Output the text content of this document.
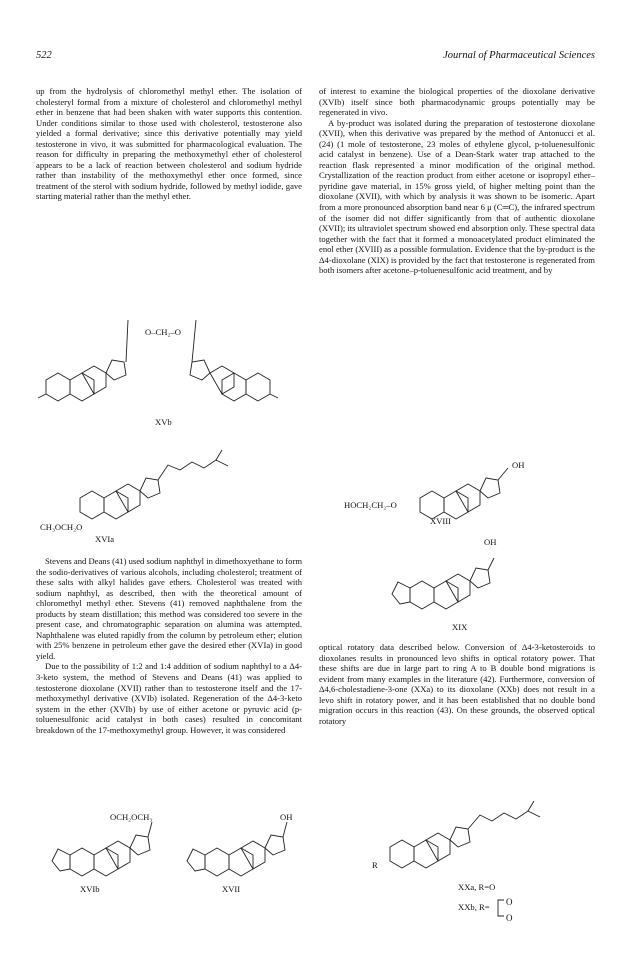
522	Journal of Pharmaceutical Sciences

up from the hydrolysis of chloromethyl methyl ether. The isolation of cholesteryl formal from a mixture of cholesterol and chloromethyl methyl ether in benzene that had been shaken with water supports this contention. Under conditions similar to those used with cholesterol, testosterone also yielded a formal derivative; since this derivative potentially may yield testosterone in vivo, it was submitted for pharmacological evaluation. The reason for difficulty in preparing the methoxymethyl ether of cholesterol appears to be a lack of reaction between cholesterol and sodium hydride rather than instability of the methoxymethyl ether once formed, since treatment of the sterol with sodium hydride, followed by methyl iodide, gave starting material rather than the methyl ether.

O–CH₂–O
XVb
CH₃OCH₂O
XVIa

Stevens and Deans (41) used sodium naphthyl in dimethoxyethane to form the sodio-derivatives of various alcohols, including cholesterol; treatment of these salts with alkyl halides gave ethers. Cholesterol was treated with sodium naphthyl, as described, then with the theoretical amount of chloromethyl methyl ether. Stevens (41) removed naphthalene from the products by steam distillation; this method was considered too severe in the present case, and chromatographic separation on alumina was attempted. Naphthalene was eluted rapidly from the column by petroleum ether; elution with 25% benzene in petroleum ether gave the desired ether (XVIa) in good yield.

Due to the possibility of 1:2 and 1:4 addition of sodium naphthyl to a Δ4-3-keto system, the method of Stevens and Deans (41) was applied to testosterone dioxolane (XVII) rather than to testosterone itself and the 17-methoxymethyl derivative (XVIb) isolated. Regeneration of the Δ4-3-keto system in the ether (XVIb) by use of either acetone or pyruvic acid (p-toluenesulfonic acid catalyst in both cases) resulted in concomitant breakdown of the 17-methoxymethyl group. However, it was considered

of interest to examine the biological properties of the dioxolane derivative (XVIb) itself since both pharmacodynamic groups potentially may be regenerated in vivo.

A by-product was isolated during the preparation of testosterone dioxolane (XVII), when this derivative was prepared by the method of Antonucci et al. (24) (1 mole of testosterone, 23 moles of ethylene glycol, p-toluenesulfonic acid catalyst in benzene). Use of a Dean-Stark water trap attached to the reaction flask represented a minor modification of the original method. Crystallization of the reaction product from either acetone or isopropyl ether–pyridine gave material, in 15% gross yield, of higher melting point than the dioxolane (XVII), with which by analysis it was shown to be isomeric. Apart from a more pronounced absorption band near 6 μ (C═C), the infrared spectrum of the isomer did not differ significantly from that of authentic dioxolane (XVII); its ultraviolet spectrum showed end absorption only. These spectral data together with the fact that it formed a monoacetylated product eliminated the enol ether (XVIII) as a possible formulation. Evidence that the by-product is the Δ4-dioxolane (XIX) is provided by the fact that testosterone is regenerated from both isomers after acetone–p-toluenesulfonic acid treatment, and by

OH
HOCH₂CH₂–O
XVIII
OH
XIX

optical rotatory data described below. Conversion of Δ4-3-ketosteroids to dioxolanes results in pronounced levo shifts in optical rotatory power. That these shifts are due in large part to ring A to B double bond migrations is evident from many examples in the literature (42). Furthermore, conversion of Δ4,6-cholestadiene-3-one (XXa) to its dioxolane (XXb) does not result in a levo shift in rotatory power, and it has been established that no double bond migration occurs in this reaction (43). On these grounds, the observed optical rotatory

OCH₂OCH₃
XVIb
OH
XVII
R
XXa, R=O
XXb, R= O
O
